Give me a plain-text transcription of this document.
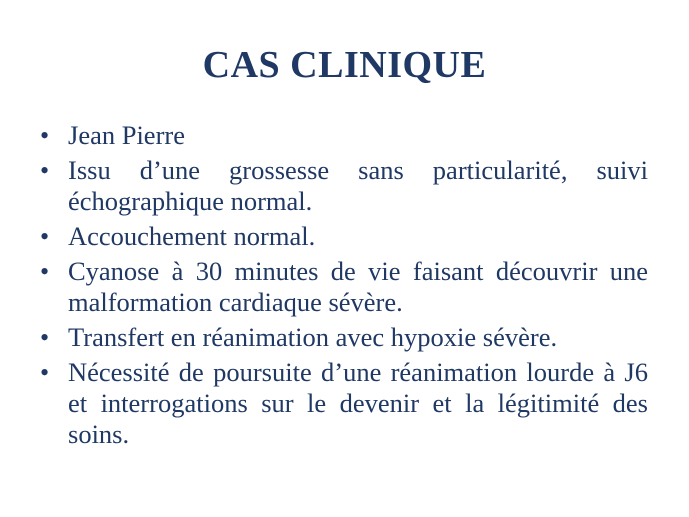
CAS CLINIQUE
• Jean Pierre
• Issu d’une grossesse sans particularité, suivi échographique normal.
• Accouchement normal.
• Cyanose à 30 minutes de vie faisant découvrir une malformation cardiaque sévère.
• Transfert en réanimation avec hypoxie sévère.
• Nécessité de poursuite d’une réanimation lourde à J6 et interrogations sur le devenir et la légitimité des soins.
